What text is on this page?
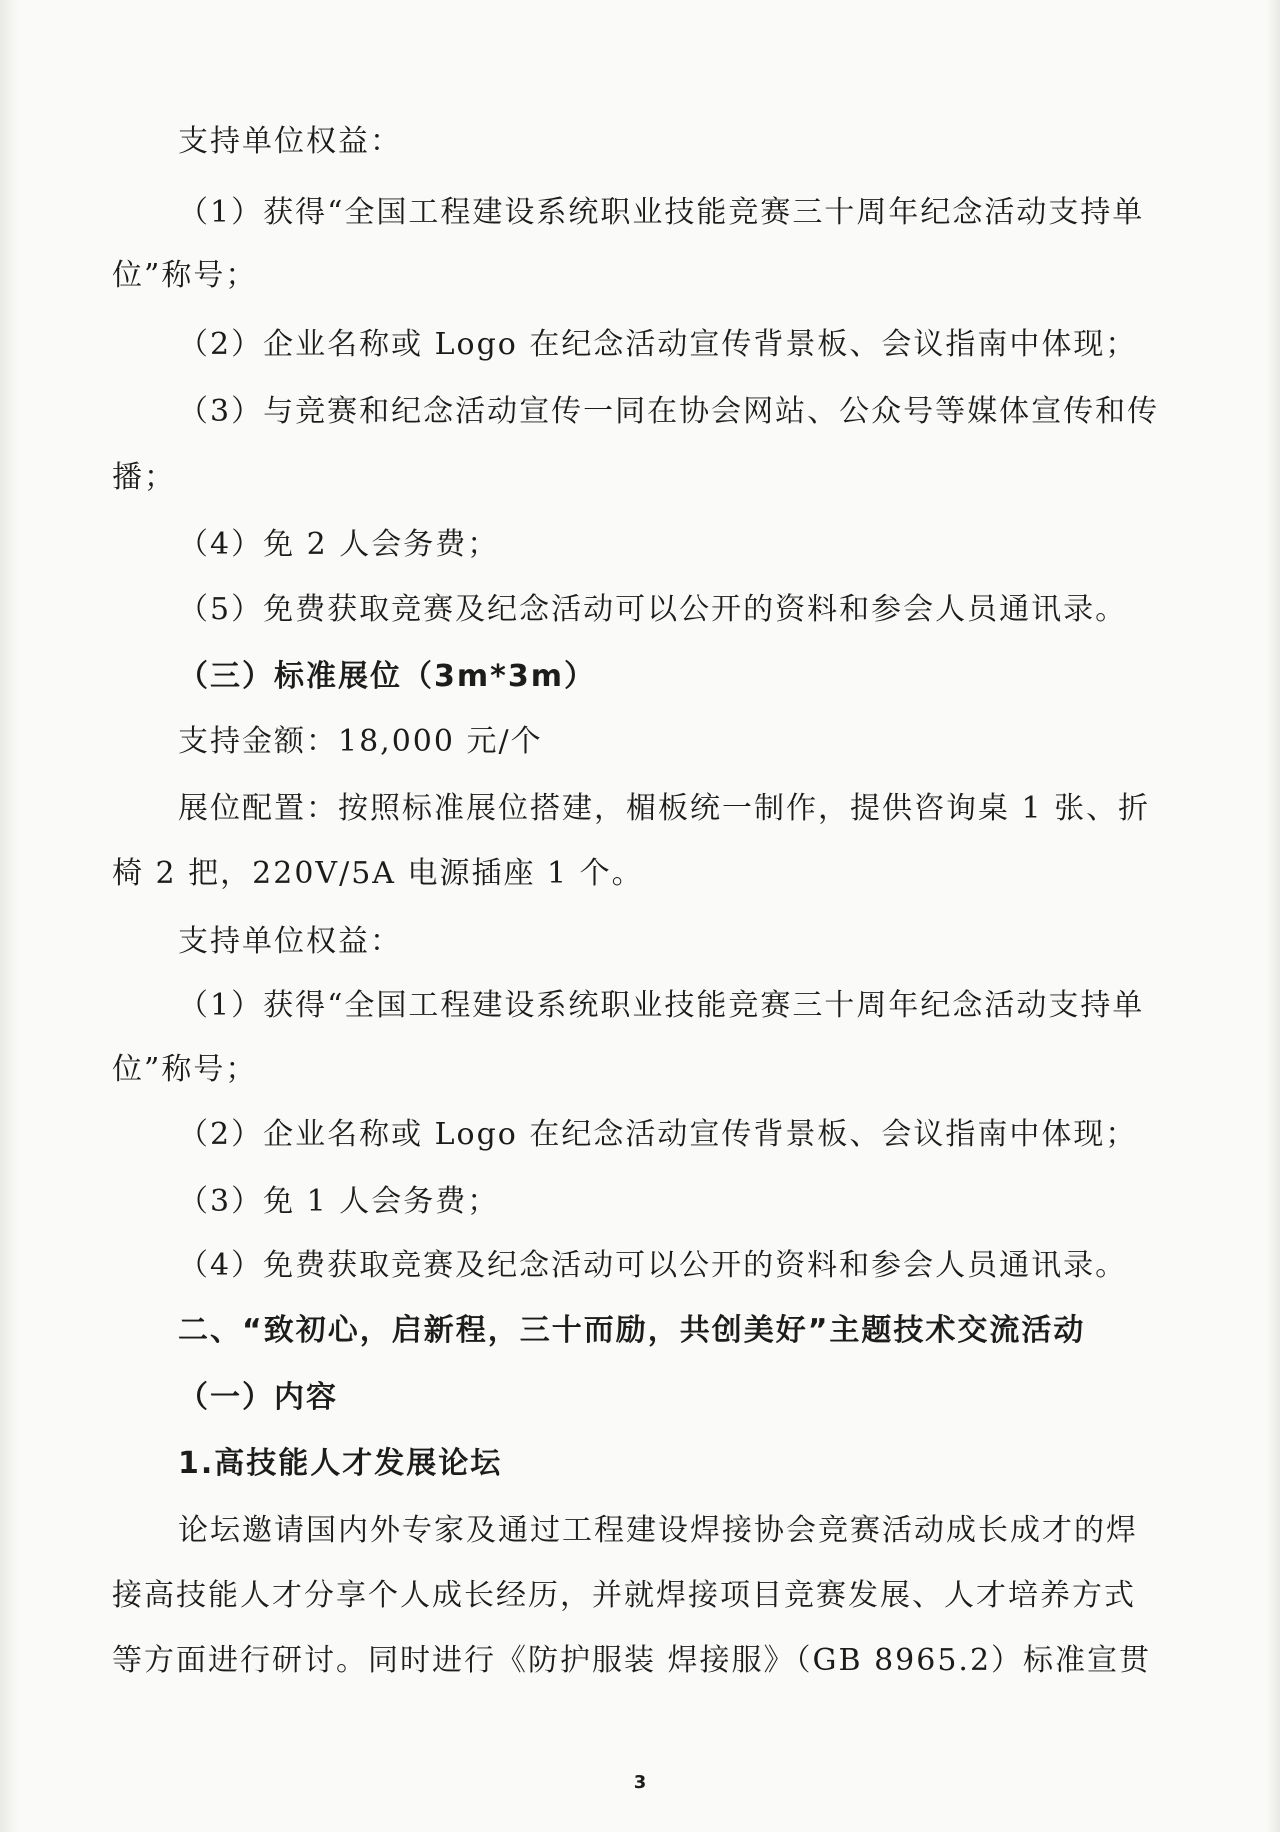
支持单位权益：
（1）获得“全国工程建设系统职业技能竞赛三十周年纪念活动支持单
位”称号；
（2）企业名称或 Logo 在纪念活动宣传背景板、会议指南中体现；
（3）与竞赛和纪念活动宣传一同在协会网站、公众号等媒体宣传和传
播；
（4）免 2 人会务费；
（5）免费获取竞赛及纪念活动可以公开的资料和参会人员通讯录。
（三）标准展位（3m*3m）
支持金额：18,000 元/个
展位配置：按照标准展位搭建，楣板统一制作，提供咨询桌 1 张、折
椅 2 把，220V/5A 电源插座 1 个。
支持单位权益：
（1）获得“全国工程建设系统职业技能竞赛三十周年纪念活动支持单
位”称号；
（2）企业名称或 Logo 在纪念活动宣传背景板、会议指南中体现；
（3）免 1 人会务费；
（4）免费获取竞赛及纪念活动可以公开的资料和参会人员通讯录。
二、“致初心，启新程，三十而励，共创美好”主题技术交流活动
（一）内容
1.高技能人才发展论坛
论坛邀请国内外专家及通过工程建设焊接协会竞赛活动成长成才的焊
接高技能人才分享个人成长经历，并就焊接项目竞赛发展、人才培养方式
等方面进行研讨。同时进行《防护服装 焊接服》（GB 8965.2）标准宣贯
3
